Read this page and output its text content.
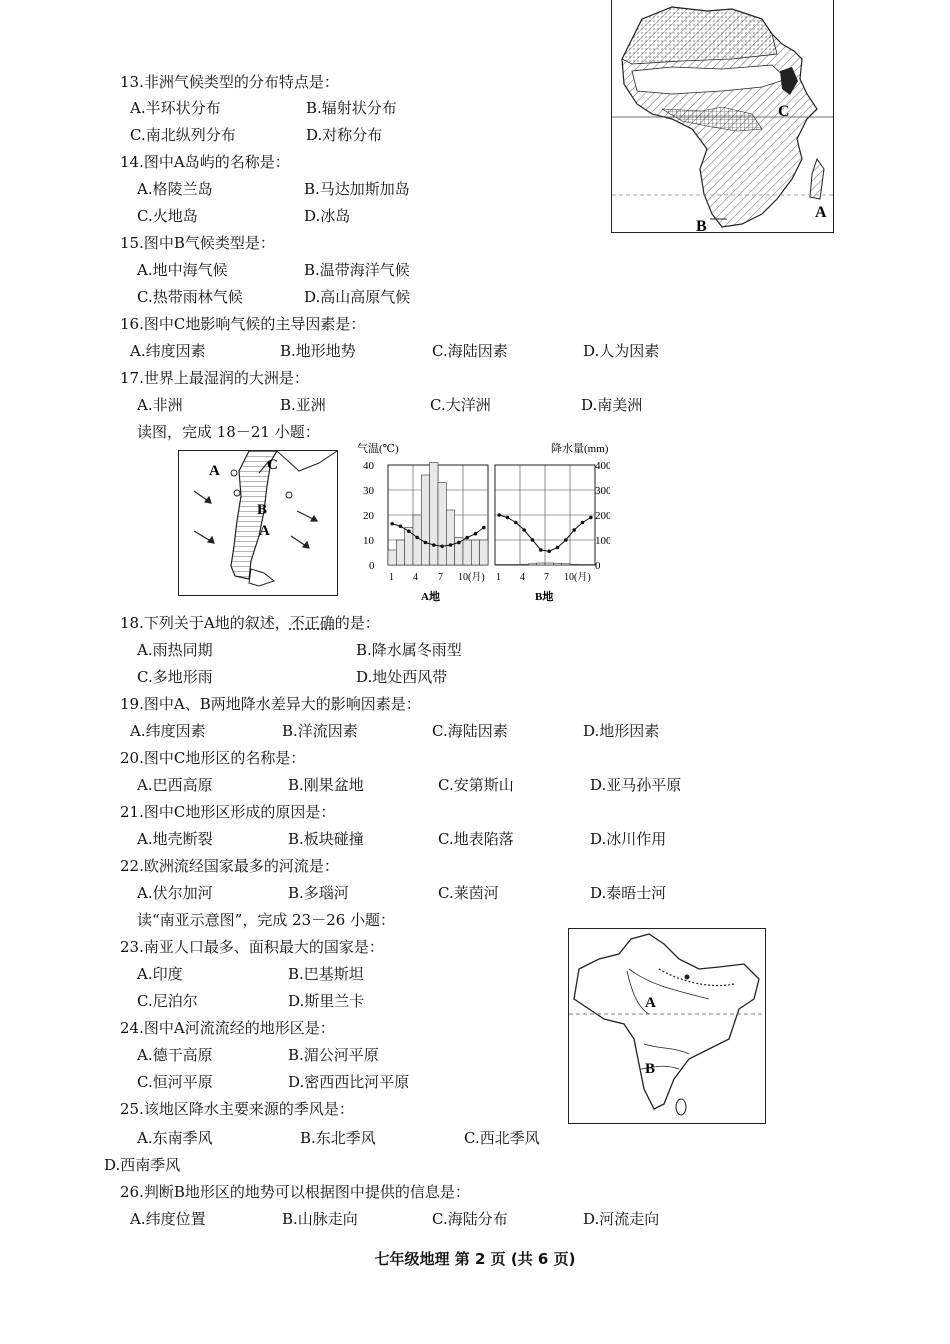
C
A
B
13.非洲气候类型的分布特点是：
A.半环状分布	B.辐射状分布
C.南北纵列分布	D.对称分布
14.图中A岛屿的名称是：
A.格陵兰岛	B.马达加斯加岛
C.火地岛	D.冰岛
15.图中B气候类型是：
A.地中海气候	B.温带海洋气候
C.热带雨林气候	D.高山高原气候
16.图中C地影响气候的主导因素是：
A.纬度因素	B.地形地势	C.海陆因素	D.人为因素
17.世界上最湿润的大洲是：
A.非洲	B.亚洲	C.大洋洲	D.南美洲
读图，完成 18－21 小题：
A	C
B
A
气温(℃)	降水量(mm)
40
30
20
10
0
400
300
200
100
0
1 4 7 10(月) 1 4 7 10(月)
A地	B地
18.下列关于A地的叙述，不正确的是：
A.雨热同期	B.降水属冬雨型
C.多地形雨	D.地处西风带
19.图中A、B两地降水差异大的影响因素是：
A.纬度因素	B.洋流因素	C.海陆因素	D.地形因素
20.图中C地形区的名称是：
A.巴西高原	B.刚果盆地	C.安第斯山	D.亚马孙平原
21.图中C地形区形成的原因是：
A.地壳断裂	B.板块碰撞	C.地表陷落	D.冰川作用
22.欧洲流经国家最多的河流是：
A.伏尔加河	B.多瑙河	C.莱茵河	D.泰晤士河
读“南亚示意图”，完成 23－26 小题：
A
B
23.南亚人口最多、面积最大的国家是：
A.印度	B.巴基斯坦
C.尼泊尔	D.斯里兰卡
24.图中A河流流经的地形区是：
A.德干高原	B.湄公河平原
C.恒河平原	D.密西西比河平原
25.该地区降水主要来源的季风是：
A.东南季风	B.东北季风	C.西北季风
D.西南季风
26.判断B地形区的地势可以根据图中提供的信息是：
A.纬度位置	B.山脉走向	C.海陆分布	D.河流走向
七年级地理 第 2 页 (共 6 页)
